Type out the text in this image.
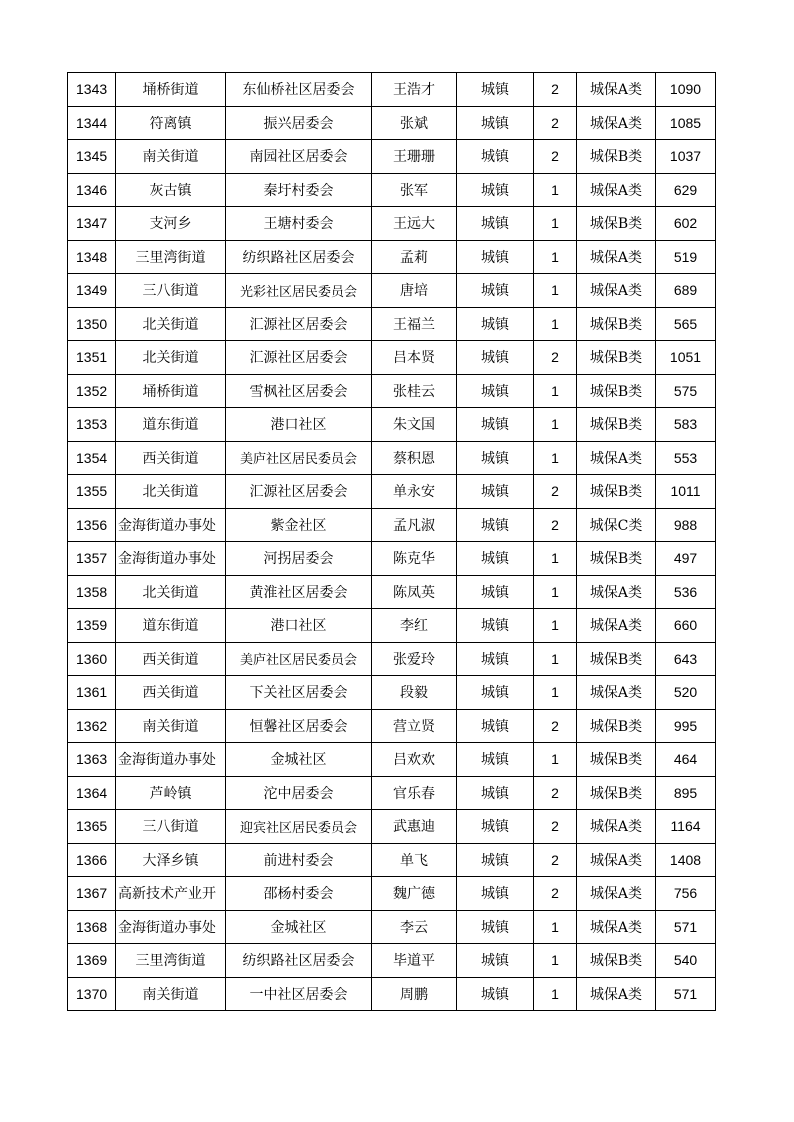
1343	埇桥街道	东仙桥社区居委会	王浩才	城镇	2	城保A类	1090
1344	符离镇	振兴居委会	张斌	城镇	2	城保A类	1085
1345	南关街道	南园社区居委会	王珊珊	城镇	2	城保B类	1037
1346	灰古镇	秦圩村委会	张军	城镇	1	城保A类	629
1347	支河乡	王塘村委会	王远大	城镇	1	城保B类	602
1348	三里湾街道	纺织路社区居委会	孟莉	城镇	1	城保A类	519
1349	三八街道	光彩社区居民委员会	唐培	城镇	1	城保A类	689
1350	北关街道	汇源社区居委会	王福兰	城镇	1	城保B类	565
1351	北关街道	汇源社区居委会	吕本贤	城镇	2	城保B类	1051
1352	埇桥街道	雪枫社区居委会	张桂云	城镇	1	城保B类	575
1353	道东街道	港口社区	朱文国	城镇	1	城保B类	583
1354	西关街道	美庐社区居民委员会	蔡积恩	城镇	1	城保A类	553
1355	北关街道	汇源社区居委会	单永安	城镇	2	城保B类	1011
1356	金海街道办事处	紫金社区	孟凡淑	城镇	2	城保C类	988
1357	金海街道办事处	河拐居委会	陈克华	城镇	1	城保B类	497
1358	北关街道	黄淮社区居委会	陈凤英	城镇	1	城保A类	536
1359	道东街道	港口社区	李红	城镇	1	城保A类	660
1360	西关街道	美庐社区居民委员会	张爱玲	城镇	1	城保B类	643
1361	西关街道	下关社区居委会	段毅	城镇	1	城保A类	520
1362	南关街道	恒馨社区居委会	营立贤	城镇	2	城保B类	995
1363	金海街道办事处	金城社区	吕欢欢	城镇	1	城保B类	464
1364	芦岭镇	沱中居委会	官乐春	城镇	2	城保B类	895
1365	三八街道	迎宾社区居民委员会	武惠迪	城镇	2	城保A类	1164
1366	大泽乡镇	前进村委会	单飞	城镇	2	城保A类	1408
1367	高新技术产业开	邵杨村委会	魏广德	城镇	2	城保A类	756
1368	金海街道办事处	金城社区	李云	城镇	1	城保A类	571
1369	三里湾街道	纺织路社区居委会	毕道平	城镇	1	城保B类	540
1370	南关街道	一中社区居委会	周鹏	城镇	1	城保A类	571
